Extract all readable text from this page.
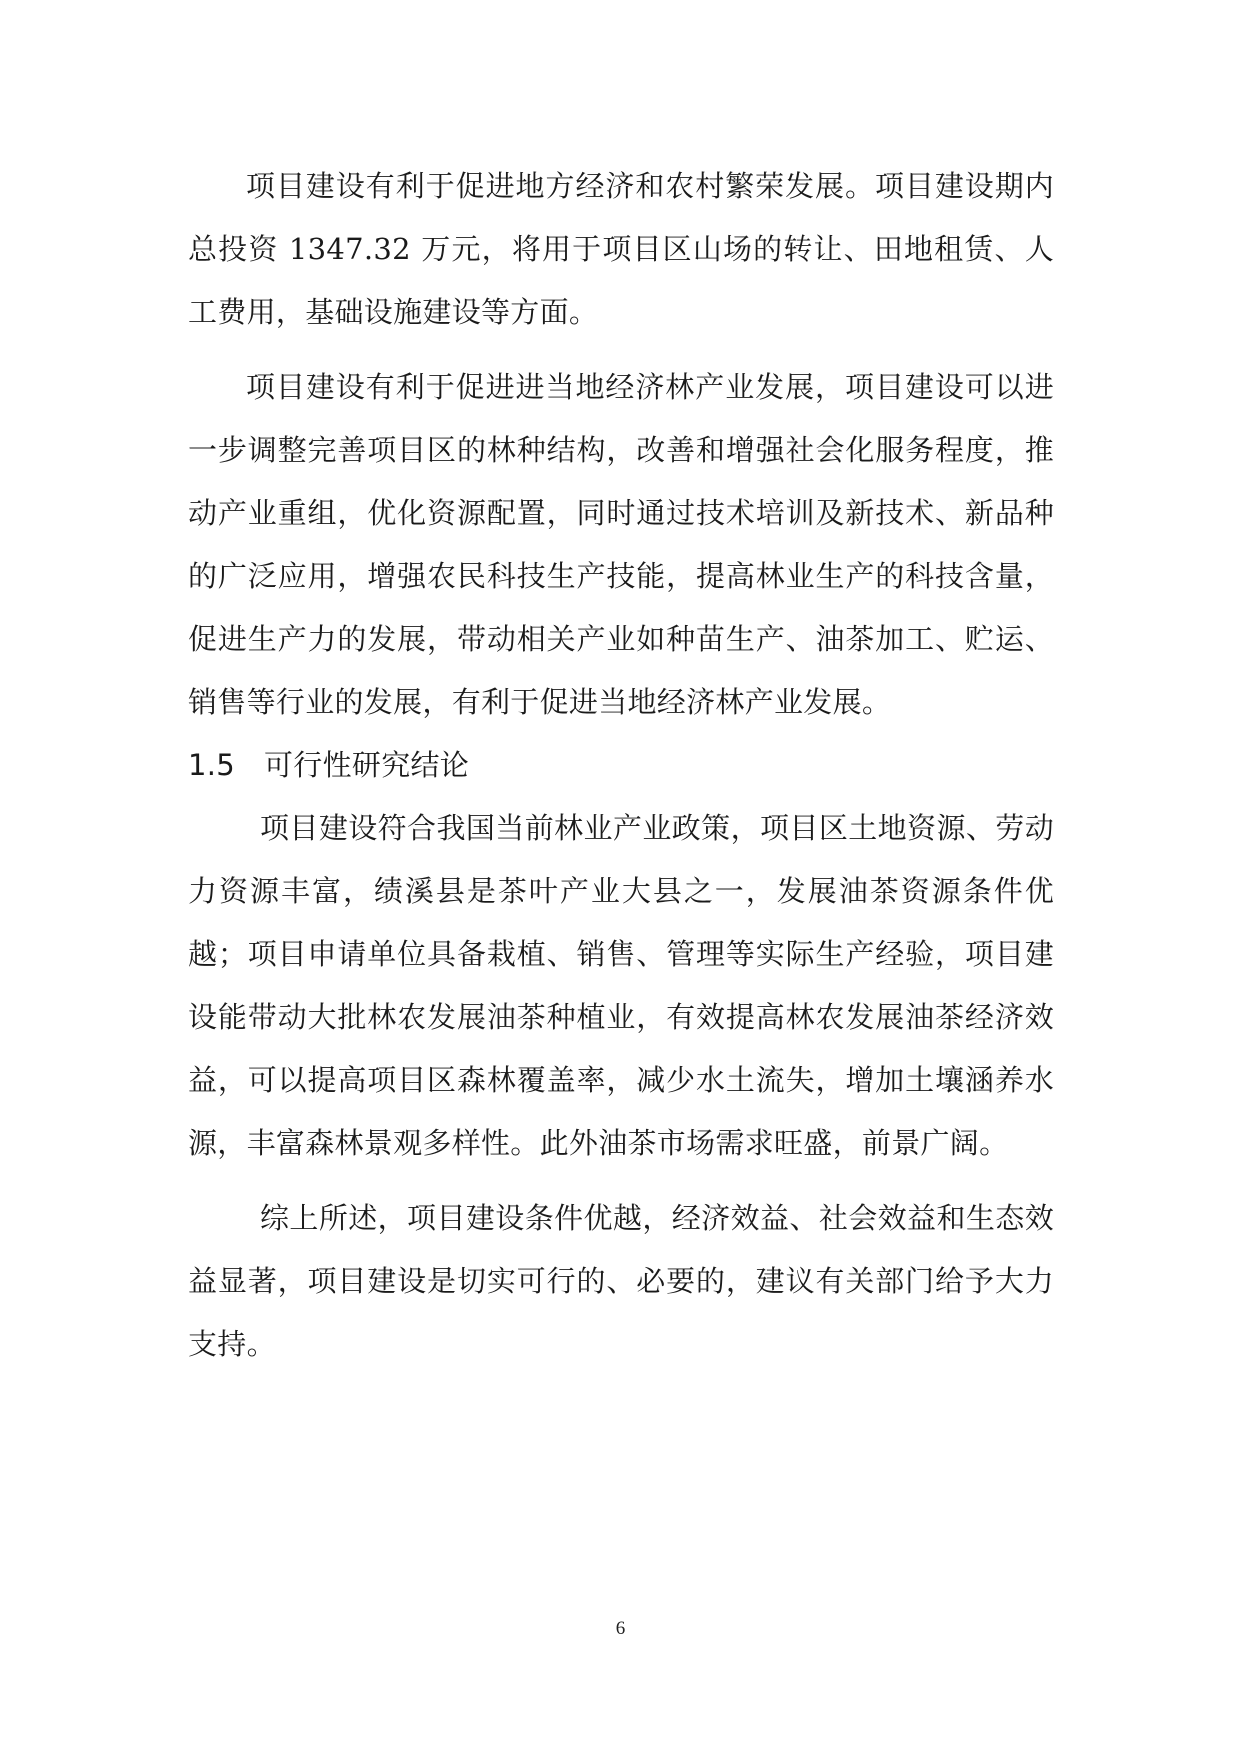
项目建设有利于促进地方经济和农村繁荣发展。项目建设期内总投资 1347.32 万元，将用于项目区山场的转让、田地租赁、人工费用，基础设施建设等方面。

项目建设有利于促进进当地经济林产业发展，项目建设可以进一步调整完善项目区的林种结构，改善和增强社会化服务程度，推动产业重组，优化资源配置，同时通过技术培训及新技术、新品种的广泛应用，增强农民科技生产技能，提高林业生产的科技含量，促进生产力的发展，带动相关产业如种苗生产、油茶加工、贮运、销售等行业的发展，有利于促进当地经济林产业发展。

1.5 可行性研究结论

项目建设符合我国当前林业产业政策，项目区土地资源、劳动力资源丰富，绩溪县是茶叶产业大县之一，发展油茶资源条件优越；项目申请单位具备栽植、销售、管理等实际生产经验，项目建设能带动大批林农发展油茶种植业，有效提高林农发展油茶经济效益，可以提高项目区森林覆盖率，减少水土流失，增加土壤涵养水源，丰富森林景观多样性。此外油茶市场需求旺盛，前景广阔。

综上所述，项目建设条件优越，经济效益、社会效益和生态效益显著，项目建设是切实可行的、必要的，建议有关部门给予大力支持。

6
